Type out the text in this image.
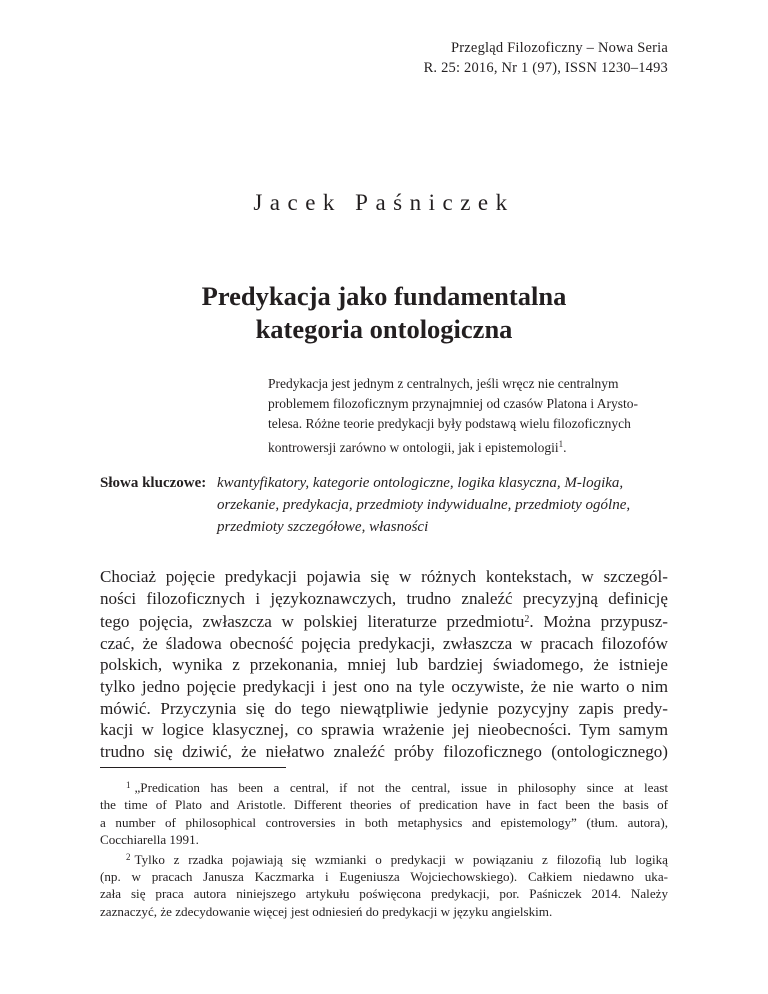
Przegląd Filozoficzny – Nowa Seria
R. 25: 2016, Nr 1 (97), ISSN 1230–1493
Jacek Paśniczek
Predykacja jako fundamentalna
kategoria ontologiczna
Predykacja jest jednym z centralnych, jeśli wręcz nie centralnym
problemem filozoficznym przynajmniej od czasów Platona i Arysto-
telesa. Różne teorie predykacji były podstawą wielu filozoficznych
kontrowersji zarówno w ontologii, jak i epistemologii$^1$.
Słowa kluczowe: kwantyfikatory, kategorie ontologiczne, logika klasyczna, M-logika,
orzekanie, predykacja, przedmioty indywidualne, przedmioty ogólne,
przedmioty szczegółowe, własności
Chociaż pojęcie predykacji pojawia się w różnych kontekstach, w szczegól-
ności filozoficznych i językoznawczych, trudno znaleźć precyzyjną definicję
tego pojęcia, zwłaszcza w polskiej literaturze przedmiotu$^2$. Można przypusz-
czać, że śladowa obecność pojęcia predykacji, zwłaszcza w pracach filozofów
polskich, wynika z przekonania, mniej lub bardziej świadomego, że istnieje
tylko jedno pojęcie predykacji i jest ono na tyle oczywiste, że nie warto o nim
mówić. Przyczynia się do tego niewątpliwie jedynie pozycyjny zapis predy-
kacji w logice klasycznej, co sprawia wrażenie jej nieobecności. Tym samym
trudno się dziwić, że niełatwo znaleźć próby filozoficznego (ontologicznego)
$^1$ „Predication has been a central, if not the central, issue in philosophy since at least
the time of Plato and Aristotle. Different theories of predication have in fact been the basis of
a number of philosophical controversies in both metaphysics and epistemology” (tłum. autora),
Cocchiarella 1991.
$^2$ Tylko z rzadka pojawiają się wzmianki o predykacji w powiązaniu z filozofią lub logiką
(np. w pracach Janusza Kaczmarka i Eugeniusza Wojciechowskiego). Całkiem niedawno uka-
zała się praca autora niniejszego artykułu poświęcona predykacji, por. Paśniczek 2014. Należy
zaznaczyć, że zdecydowanie więcej jest odniesień do predykacji w języku angielskim.
